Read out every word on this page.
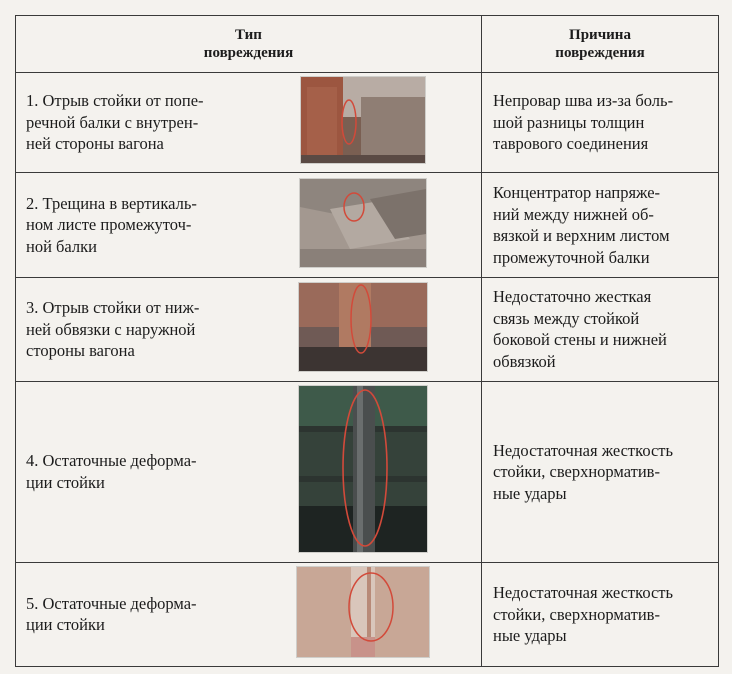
Тип
повреждения		Причина
повреждения

1. Отрыв стойки от попе-
речной балки с внутрен-
ней стороны вагона		Непровар шва из-за боль-
шой разницы толщин
таврового соединения

2. Трещина в вертикаль-
ном листе промежуточ-
ной балки		Концентратор напряже-
ний между нижней об-
вязкой и верхним листом
промежуточной балки

3. Отрыв стойки от ниж-
ней обвязки с наружной
стороны вагона		Недостаточно жесткая
связь между стойкой
боковой стены и нижней
обвязкой

4. Остаточные деформа-
ции стойки		Недостаточная жесткость
стойки, сверхнорматив-
ные удары

5. Остаточные деформа-
ции стойки		Недостаточная жесткость
стойки, сверхнорматив-
ные удары
